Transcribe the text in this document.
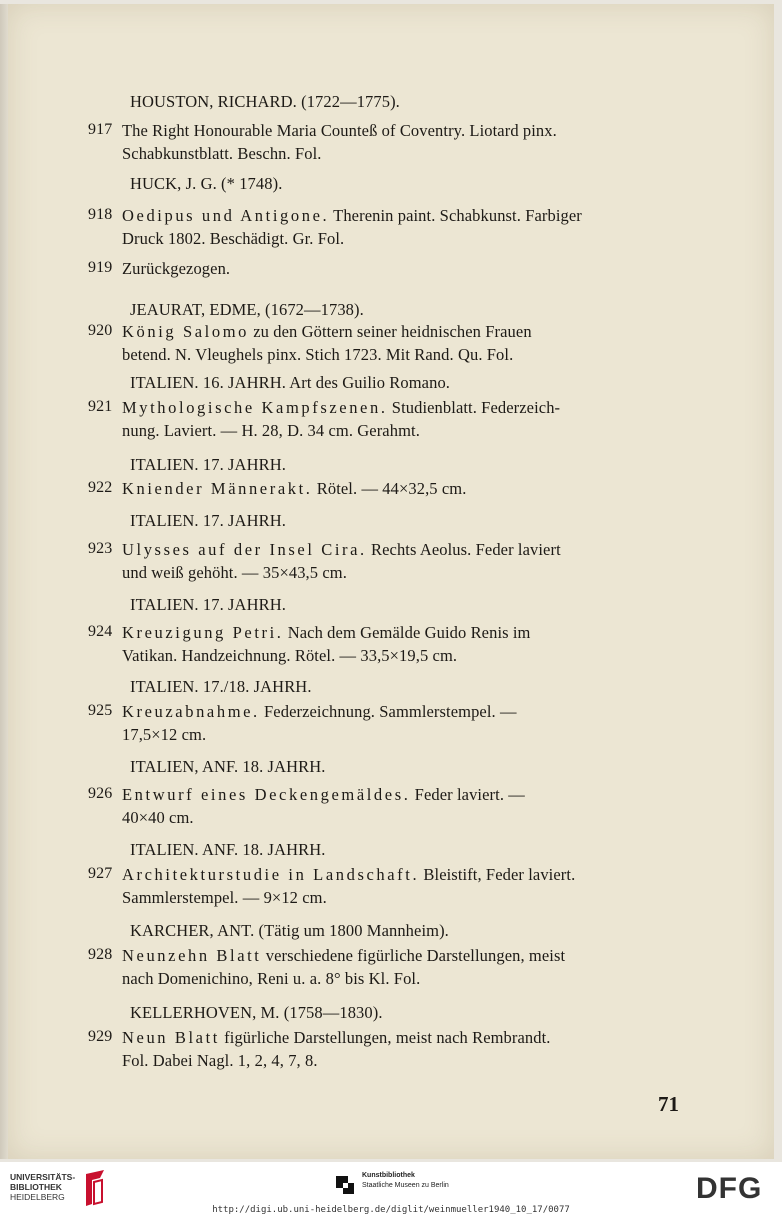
HOUSTON, RICHARD. (1722—1775).
917 The Right Honourable Maria Counteß of Coventry. Liotard pinx.
Schabkunstblatt. Beschn. Fol.
HUCK, J. G. (* 1748).
918 Oedipus und Antigone. Therenin paint. Schabkunst. Farbiger
Druck 1802. Beschädigt. Gr. Fol.
919 Zurückgezogen.
JEAURAT, EDME, (1672—1738).
920 König Salomo zu den Göttern seiner heidnischen Frauen
betend. N. Vleughels pinx. Stich 1723. Mit Rand. Qu. Fol.
ITALIEN. 16. JAHRH. Art des Guilio Romano.
921 Mythologische Kampfszenen. Studienblatt. Federzeich-
nung. Laviert. — H. 28, D. 34 cm. Gerahmt.
ITALIEN. 17. JAHRH.
922 Kniender Männerakt. Rötel. — 44×32,5 cm.
ITALIEN. 17. JAHRH.
923 Ulysses auf der Insel Cira. Rechts Aeolus. Feder laviert
und weiß gehöht. — 35×43,5 cm.
ITALIEN. 17. JAHRH.
924 Kreuzigung Petri. Nach dem Gemälde Guido Renis im
Vatikan. Handzeichnung. Rötel. — 33,5×19,5 cm.
ITALIEN. 17./18. JAHRH.
925 Kreuzabnahme. Federzeichnung. Sammlerstempel. —
17,5×12 cm.
ITALIEN, ANF. 18. JAHRH.
926 Entwurf eines Deckengemäldes. Feder laviert. —
40×40 cm.
ITALIEN. ANF. 18. JAHRH.
927 Architekturstudie in Landschaft. Bleistift, Feder laviert.
Sammlerstempel. — 9×12 cm.
KARCHER, ANT. (Tätig um 1800 Mannheim).
928 Neunzehn Blatt verschiedene figürliche Darstellungen, meist
nach Domenichino, Reni u. a. 8° bis Kl. Fol.
KELLERHOVEN, M. (1758—1830).
929 Neun Blatt figürliche Darstellungen, meist nach Rembrandt.
Fol. Dabei Nagl. 1, 2, 4, 7, 8.
71
UNIVERSITÄTS-
BIBLIOTHEK
HEIDELBERG
Kunstbibliothek
Staatliche Museen zu Berlin	DFG
http://digi.ub.uni-heidelberg.de/diglit/weinmueller1940_10_17/0077
